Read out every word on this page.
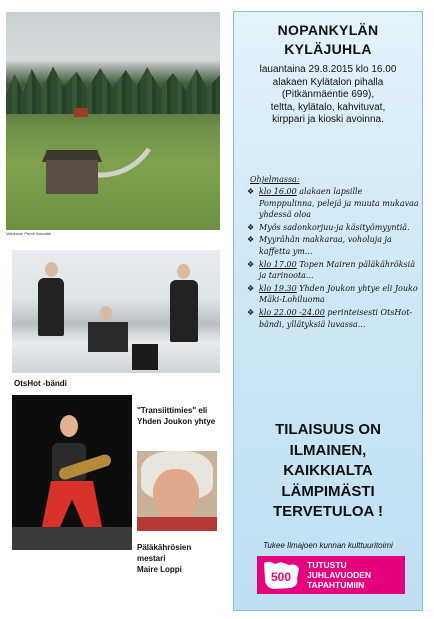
Valokuva: Pentti Salonäki
OtsHot -bändi
"Transiittimies" eli
Yhden Joukon yhtye
Päläkährösien
mestari
Maire Loppi
NOPANKYLÄN
KYLÄJUHLA
lauantaina 29.8.2015 klo 16.00
alakaen Kylätalon pihalla
(Pitkänmäentie 699),
teltta, kylätalo, kahvituvat,
kirppari ja kioski avoinna.
Ohjelmassa:
❖ klo 16.00 alakaen lapsille Pomppulinna, pelejä ja muuta mukavaa yhdessä oloa
❖ Myös sadonkorjuu-ja käsityömyyntiä.
❖ Myyrähän makkaraa, voholuja ja kaffetta ym...
❖ klo 17.00 Topen Mairen päläkähröksiä ja tarinoota...
❖ klo 19.30 Yhden Joukon yhtye eli Jouko Mäki-Lohiluoma
❖ klo 22.00 -24.00 perinteisesti OtsHot-bändi, yllätyksiä luvassa...
TILAISUUS ON
ILMAINEN,
KAIKKIALTA
LÄMPIMÄSTI
TERVETULOA !
Tukee Ilmajoen kunnan kulttuuritoimi
500
TUTUSTU
JUHLAVUODEN
TAPAHTUMIIN
